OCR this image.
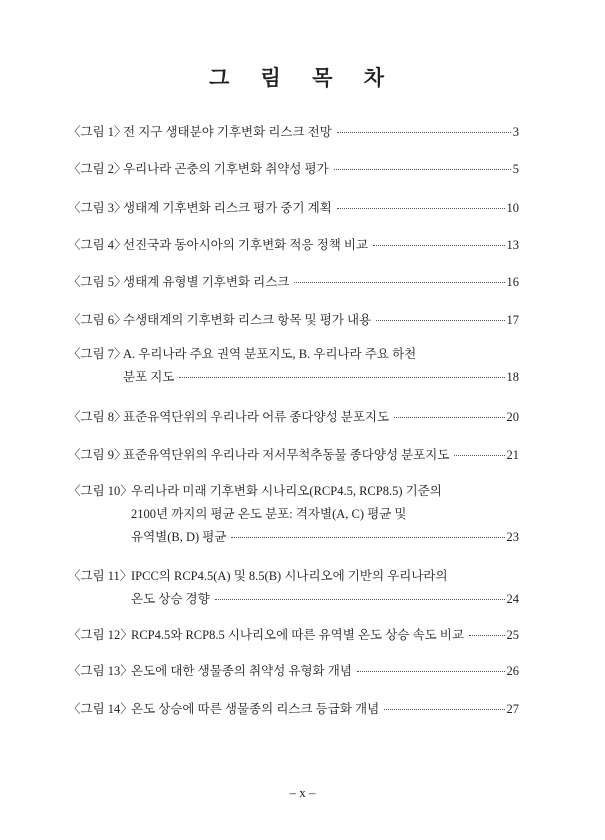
그 림 목 차
〈그림 1〉
전 지구 생태분야 기후변화 리스크 전망	3
〈그림 2〉
우리나라 곤충의 기후변화 취약성 평가	5
〈그림 3〉
생태계 기후변화 리스크 평가 중기 계획	10
〈그림 4〉
선진국과 동아시아의 기후변화 적응 정책 비교	13
〈그림 5〉
생태계 유형별 기후변화 리스크	16
〈그림 6〉
수생태계의 기후변화 리스크 항목 및 평가 내용	17
〈그림 7〉
A. 우리나라 주요 권역 분포지도, B. 우리나라 주요 하천
분포 지도	18
〈그림 8〉
표준유역단위의 우리나라 어류 종다양성 분포지도	20
〈그림 9〉
표준유역단위의 우리나라 저서무척추동물 종다양성 분포지도	21
〈그림 10〉
우리나라 미래 기후변화 시나리오(RCP4.5, RCP8.5) 기준의
2100년 까지의 평균 온도 분포: 격자별(A, C) 평균 및
유역별(B, D) 평균	23
〈그림 11〉
IPCC의 RCP4.5(A) 및 8.5(B) 시나리오에 기반의 우리나라의
온도 상승 경향	24
〈그림 12〉
RCP4.5와 RCP8.5 시나리오에 따른 유역별 온도 상승 속도 비교	25
〈그림 13〉
온도에 대한 생물종의 취약성 유형화 개념	26
〈그림 14〉
온도 상승에 따른 생물종의 리스크 등급화 개념	27
– x –
